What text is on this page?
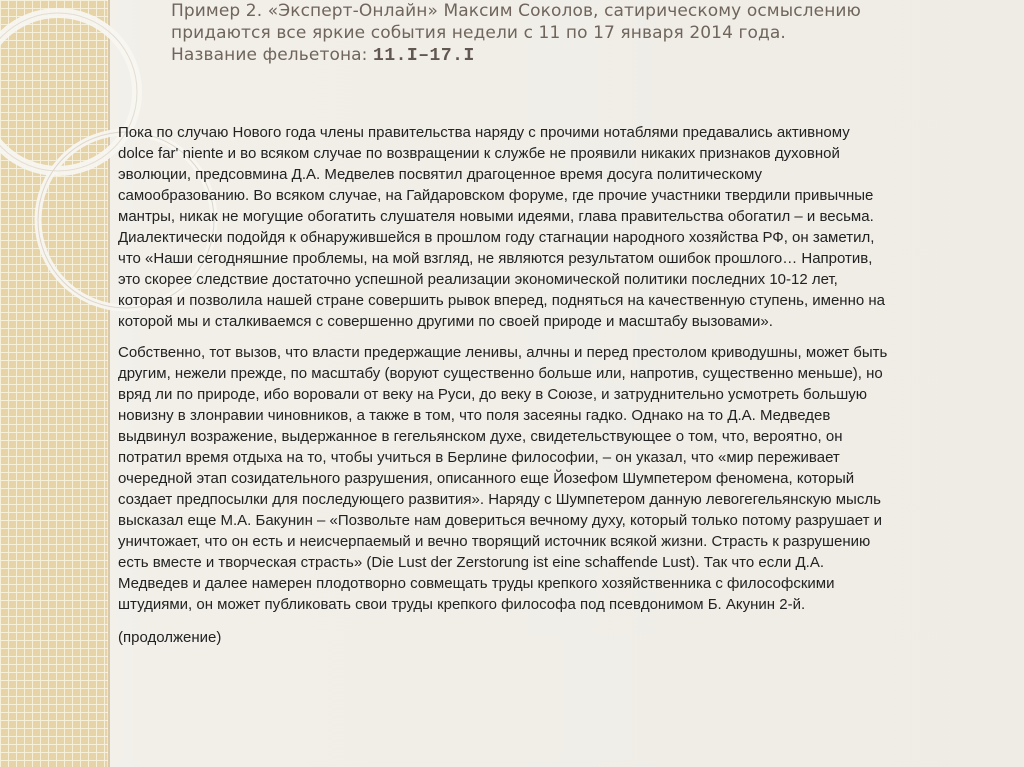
Пример 2. «Эксперт-Онлайн» Максим Соколов, сатирическому осмыслению
придаются все яркие события недели с 11 по 17 января 2014 года.
Название фельетона: 11.I–17.I

Пока по случаю Нового года члены правительства наряду с прочими нотаблями предавались активному
dolce far' niente и во всяком случае по возвращении к службе не проявили никаких признаков духовной
эволюции, предсовмина Д.А. Медвелев посвятил драгоценное время досуга политическому
самообразованию. Во всяком случае, на Гайдаровском форуме, где прочие участники твердили привычные
мантры, никак не могущие обогатить слушателя новыми идеями, глава правительства обогатил – и весьма.
Диалектически подойдя к обнаружившейся в прошлом году стагнации народного хозяйства РФ, он заметил,
что «Наши сегодняшние проблемы, на мой взгляд, не являются результатом ошибок прошлого… Напротив,
это скорее следствие достаточно успешной реализации экономической политики последних 10-12 лет,
которая и позволила нашей стране совершить рывок вперед, подняться на качественную ступень, именно на
которой мы и сталкиваемся с совершенно другими по своей природе и масштабу вызовами».

Собственно, тот вызов, что власти предержащие ленивы, алчны и перед престолом криводушны, может быть
другим, нежели прежде, по масштабу (воруют существенно больше или, напротив, существенно меньше), но
вряд ли по природе, ибо воровали от веку на Руси, до веку в Союзе, и затруднительно усмотреть большую
новизну в злонравии чиновников, а также в том, что поля засеяны гадко. Однако на то Д.А. Медведев
выдвинул возражение, выдержанное в гегельянском духе, свидетельствующее о том, что, вероятно, он
потратил время отдыха на то, чтобы учиться в Берлине философии, – он указал, что «мир переживает
очередной этап созидательного разрушения, описанного еще Йозефом Шумпетером феномена, который
создает предпосылки для последующего развития». Наряду с Шумпетером данную левогегельянскую мысль
высказал еще М.А. Бакунин – «Позвольте нам довериться вечному духу, который только потому разрушает и
уничтожает, что он есть и неисчерпаемый и вечно творящий источник всякой жизни. Страсть к разрушению
есть вместе и творческая страсть» (Die Lust der Zerstorung ist eine schaffende Lust). Так что если Д.А.
Медведев и далее намерен плодотворно совмещать труды крепкого хозяйственника с философскими
штудиями, он может публиковать свои труды крепкого философа под псевдонимом Б. Акунин 2-й.

(продолжение)
